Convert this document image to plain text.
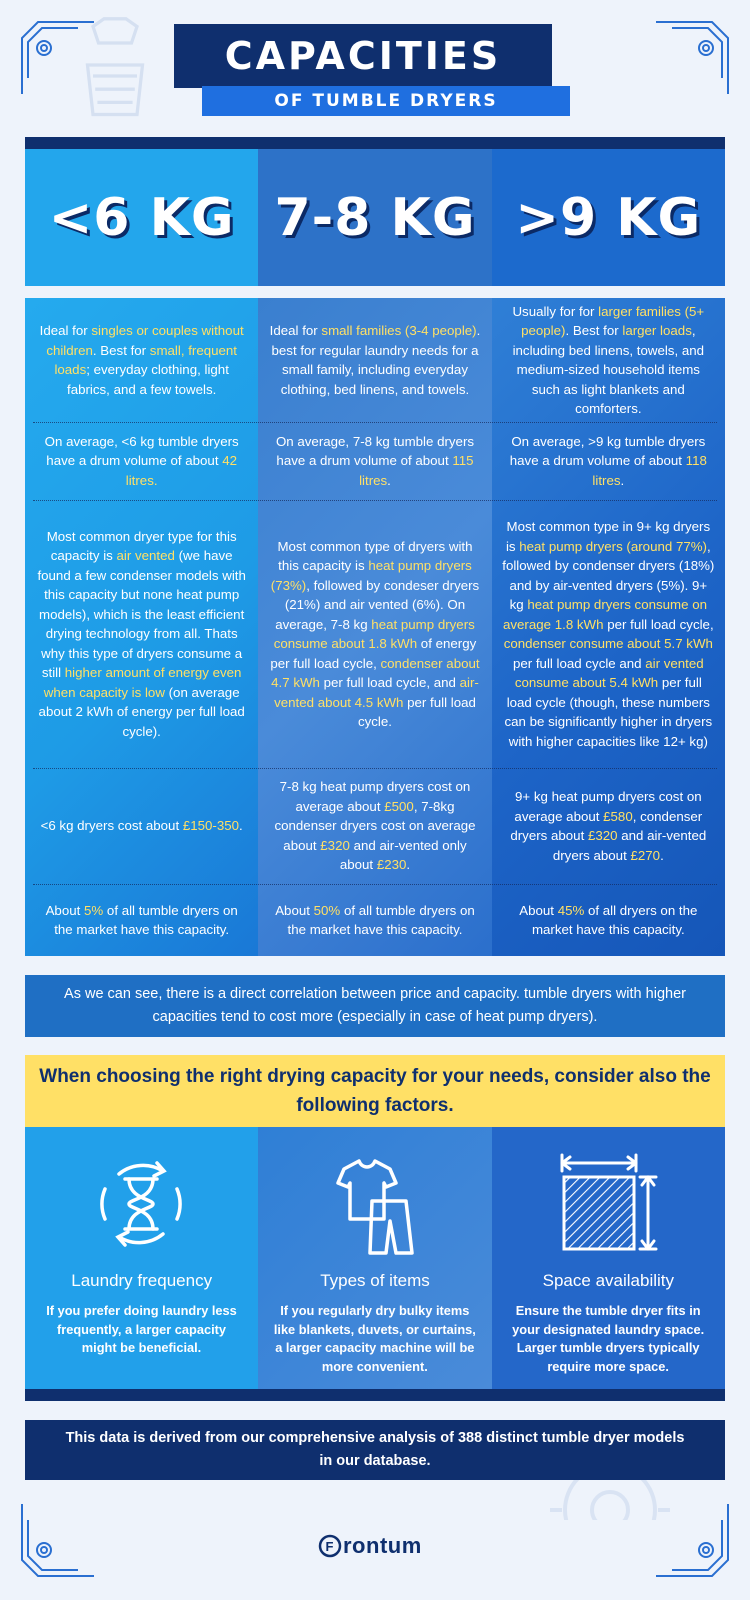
CAPACITIES
OF TUMBLE DRYERS
<6 KG 7-8 KG >9 KG
Ideal for singles or couples without children. Best for small, frequent loads; everyday clothing, light fabrics, and a few towels.
On average, <6 kg tumble dryers have a drum volume of about 42 litres.
Most common dryer type for this capacity is air vented (we have found a few condenser models with this capacity but none heat pump models), which is the least efficient drying technology from all. Thats why this type of dryers consume a still higher amount of energy even when capacity is low (on average about 2 kWh of energy per full load cycle).
<6 kg dryers cost about £150-350.
About 5% of all tumble dryers on the market have this capacity.
Ideal for small families (3-4 people). best for regular laundry needs for a small family, including everyday clothing, bed linens, and towels.
On average, 7-8 kg tumble dryers have a drum volume of about 115 litres.
Most common type of dryers with this capacity is heat pump dryers (73%), followed by condeser dryers (21%) and air vented (6%). On average, 7-8 kg heat pump dryers consume about 1.8 kWh of energy per full load cycle, condenser about 4.7 kWh per full load cycle, and air-vented about 4.5 kWh per full load cycle.
7-8 kg heat pump dryers cost on average about £500, 7-8kg condenser dryers cost on average about £320 and air-vented only about £230.
About 50% of all tumble dryers on the market have this capacity.
Usually for for larger families (5+ people). Best for larger loads, including bed linens, towels, and medium-sized household items such as light blankets and comforters.
On average, >9 kg tumble dryers have a drum volume of about 118 litres.
Most common type in 9+ kg dryers is heat pump dryers (around 77%), followed by condenser dryers (18%) and by air-vented dryers (5%). 9+ kg heat pump dryers consume on average 1.8 kWh per full load cycle, condenser consume about 5.7 kWh per full load cycle and air vented consume about 5.4 kWh per full load cycle (though, these numbers can be significantly higher in dryers with higher capacities like 12+ kg)
9+ kg heat pump dryers cost on average about £580, condenser dryers about £320 and air-vented dryers about £270.
About 45% of all dryers on the market have this capacity.
As we can see, there is a direct correlation between price and capacity. tumble dryers with higher capacities tend to cost more (especially in case of heat pump dryers).
When choosing the right drying capacity for your needs, consider also the following factors.
Laundry frequency
If you prefer doing laundry less frequently, a larger capacity might be beneficial.
Types of items
If you regularly dry bulky items like blankets, duvets, or curtains, a larger capacity machine will be more convenient.
Space availability
Ensure the tumble dryer fits in your designated laundry space. Larger tumble dryers typically require more space.
This data is derived from our comprehensive analysis of 388 distinct tumble dryer models in our database.
F rontum
